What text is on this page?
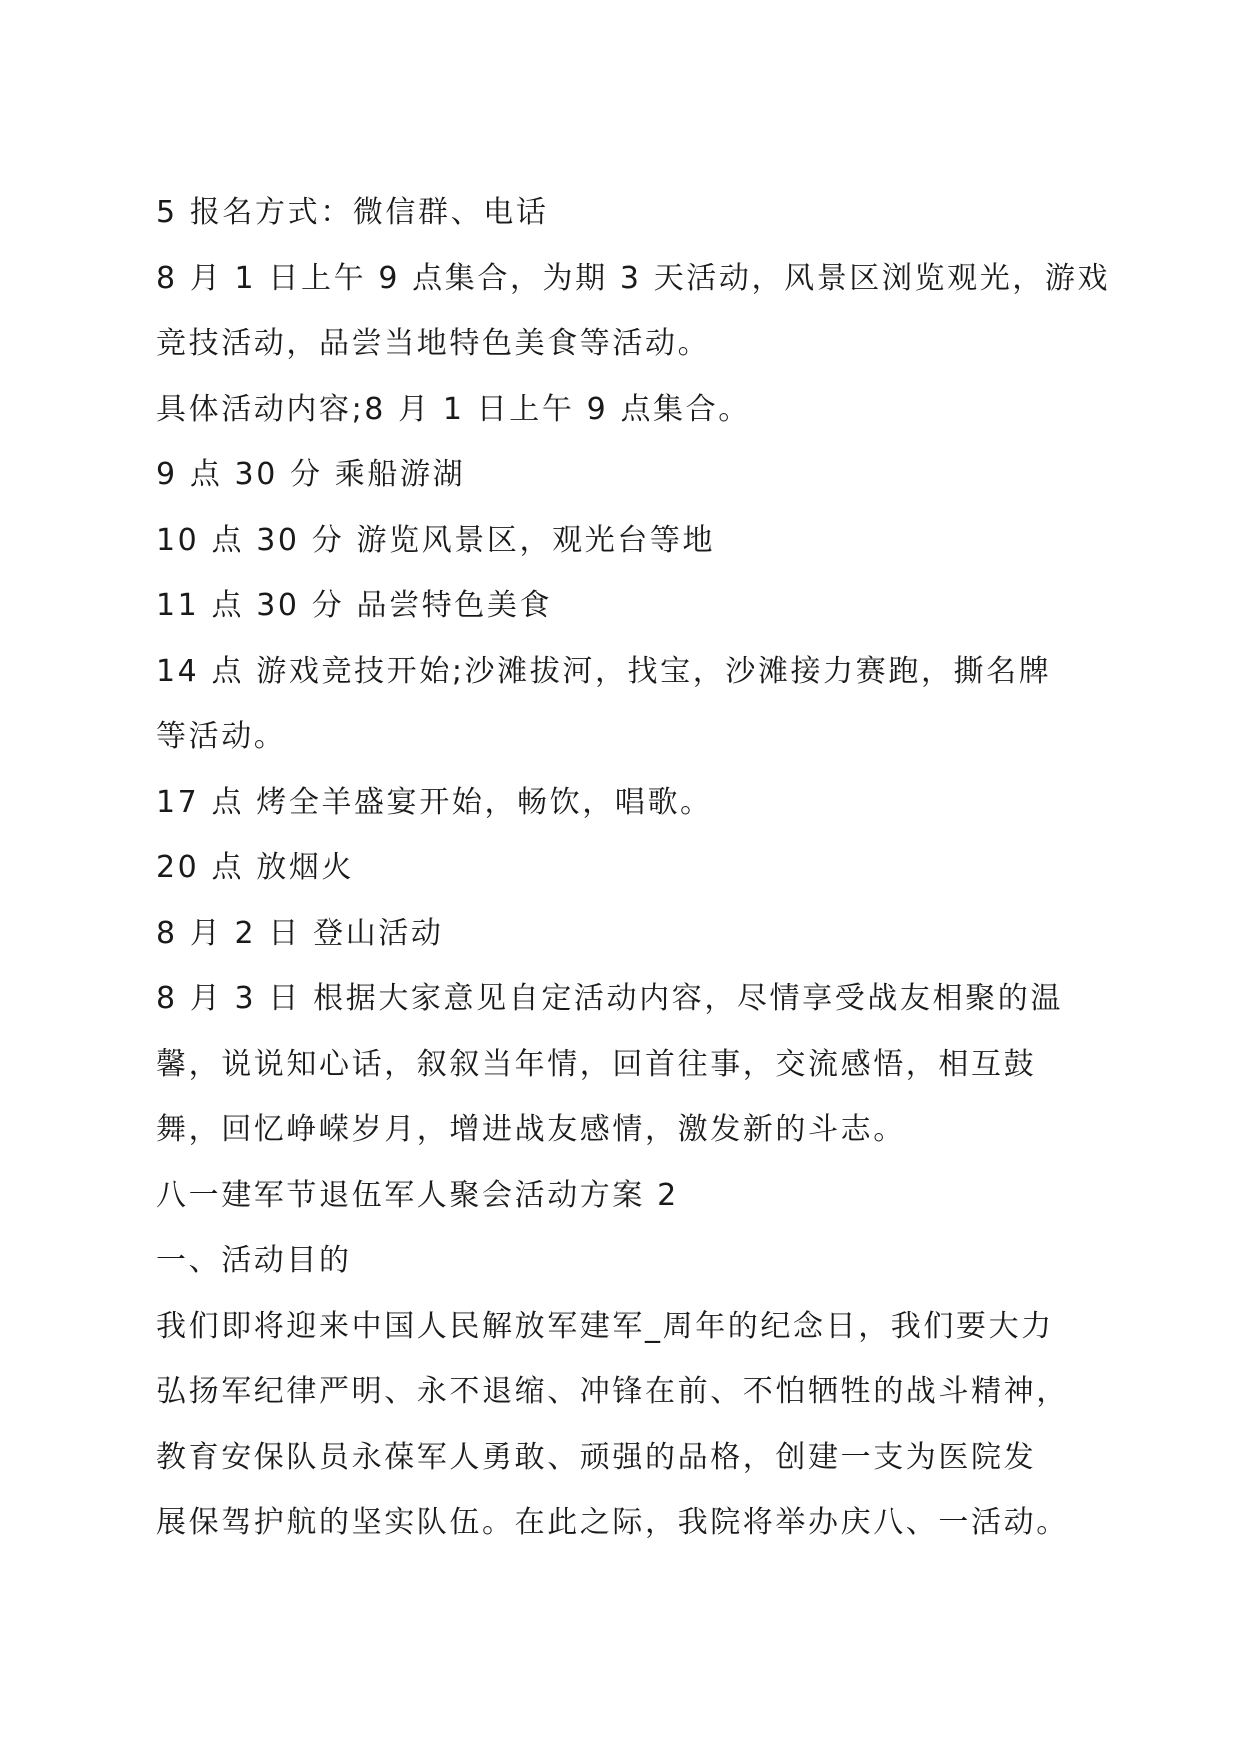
5 报名方式：微信群、电话
8 月 1 日上午 9 点集合，为期 3 天活动，风景区浏览观光，游戏
竞技活动，品尝当地特色美食等活动。
具体活动内容;8 月 1 日上午 9 点集合。
9 点 30 分 乘船游湖
10 点 30 分 游览风景区，观光台等地
11 点 30 分 品尝特色美食
14 点 游戏竞技开始;沙滩拔河，找宝，沙滩接力赛跑，撕名牌
等活动。
17 点 烤全羊盛宴开始，畅饮，唱歌。
20 点 放烟火
8 月 2 日 登山活动
8 月 3 日 根据大家意见自定活动内容，尽情享受战友相聚的温
馨，说说知心话，叙叙当年情，回首往事，交流感悟，相互鼓
舞，回忆峥嵘岁月，增进战友感情，激发新的斗志。
八一建军节退伍军人聚会活动方案 2
一、活动目的
我们即将迎来中国人民解放军建军_周年的纪念日，我们要大力
弘扬军纪律严明、永不退缩、冲锋在前、不怕牺牲的战斗精神，
教育安保队员永葆军人勇敢、顽强的品格，创建一支为医院发
展保驾护航的坚实队伍。在此之际，我院将举办庆八、一活动。
